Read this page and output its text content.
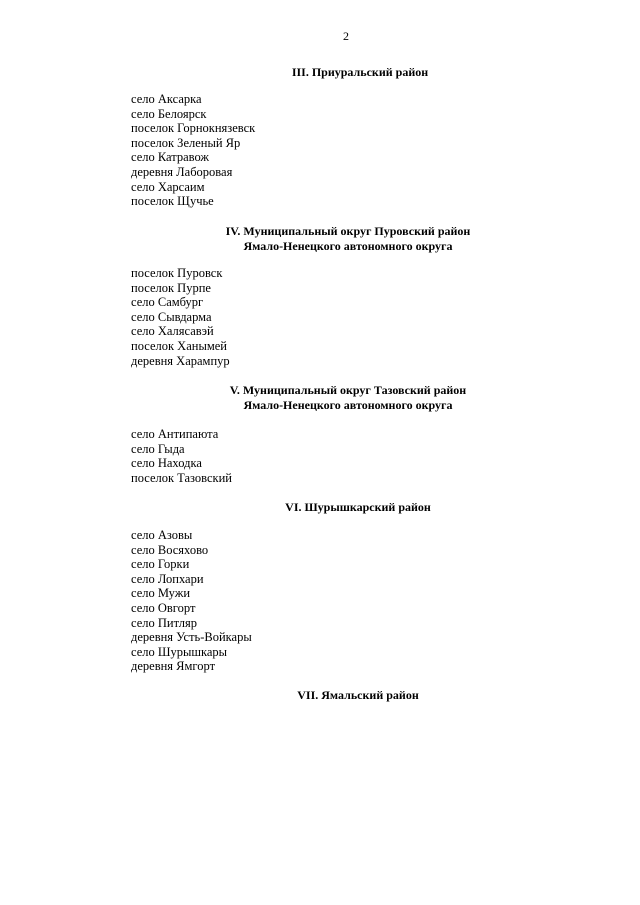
2
III. Приуральский район
село Аксарка
село Белоярск
поселок Горнокнязевск
поселок Зеленый Яр
село Катравож
деревня Лаборовая
село Харсаим
поселок Щучье
IV. Муниципальный округ Пуровский район
Ямало-Ненецкого автономного округа
поселок Пуровск
поселок Пурпе
село Самбург
село Сывдарма
село Халясавэй
поселок Ханымей
деревня Харампур
V. Муниципальный округ Тазовский район
Ямало-Ненецкого автономного округа
село Антипаюта
село Гыда
село Находка
поселок Тазовский
VI. Шурышкарский район
село Азовы
село Восяхово
село Горки
село Лопхари
село Мужи
село Овгорт
село Питляр
деревня Усть-Войкары
село Шурышкары
деревня Ямгорт
VII. Ямальский район
